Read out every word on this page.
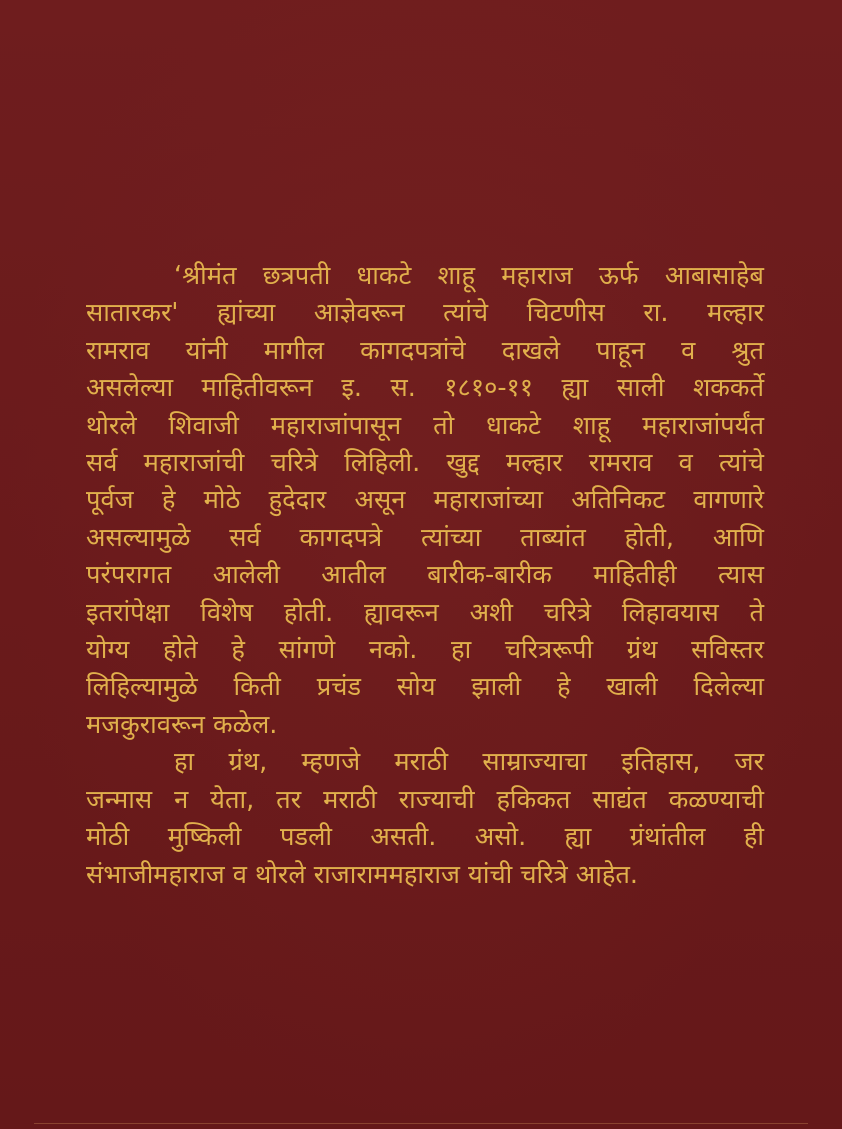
‘श्रीमंत छत्रपती धाकटे शाहू महाराज ऊर्फ आबासाहेब
सातारकर' ह्यांच्या आज्ञेवरून त्यांचे चिटणीस रा. मल्हार
रामराव यांनी मागील कागदपत्रांचे दाखले पाहून व श्रुत
असलेल्या माहितीवरून इ. स. १८१०-११ ह्या साली शककर्ते
थोरले शिवाजी महाराजांपासून तो धाकटे शाहू महाराजांपर्यंत
सर्व महाराजांची चरित्रे लिहिली. खुद्द मल्हार रामराव व त्यांचे
पूर्वज हे मोठे हुदेदार असून महाराजांच्या अतिनिकट वागणारे
असल्यामुळे सर्व कागदपत्रे त्यांच्या ताब्यांत होती, आणि
परंपरागत आलेली आतील बारीक-बारीक माहितीही त्यास
इतरांपेक्षा विशेष होती. ह्यावरून अशी चरित्रे लिहावयास ते
योग्य होते हे सांगणे नको. हा चरित्ररूपी ग्रंथ सविस्तर
लिहिल्यामुळे किती प्रचंड सोय झाली हे खाली दिलेल्या
मजकुरावरून कळेल.
हा ग्रंथ, म्हणजे मराठी साम्राज्याचा इतिहास, जर
जन्मास न येता, तर मराठी राज्याची हकिकत साद्यंत कळण्याची
मोठी मुष्किली पडली असती. असो. ह्या ग्रंथांतील ही
संभाजीमहाराज व थोरले राजाराममहाराज यांची चरित्रे आहेत.
